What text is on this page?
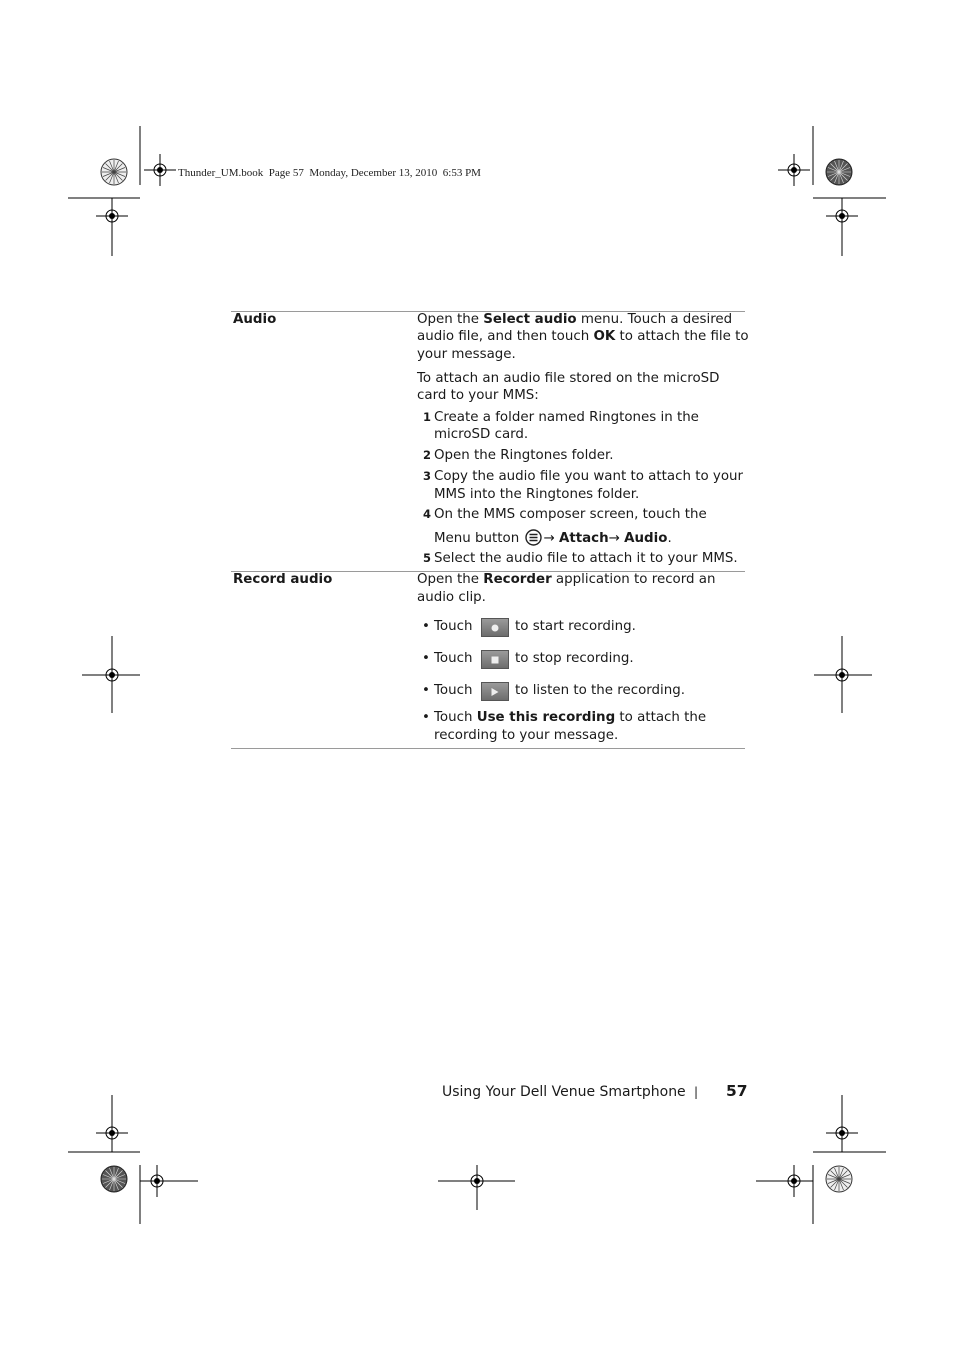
Thunder_UM.book  Page 57  Monday, December 13, 2010  6:53 PM
Audio	Open the Select audio menu. Touch a desired
audio file, and then touch OK to attach the file to
your message.
To attach an audio file stored on the microSD
card to your MMS:
1 Create a folder named Ringtones in the
microSD card.
2 Open the Ringtones folder.
3 Copy the audio file you want to attach to your
MMS into the Ringtones folder.
4 On the MMS composer screen, touch the
Menu button → Attach→ Audio.
5 Select the audio file to attach it to your MMS.
Record audio	Open the Recorder application to record an
audio clip.
• Touch	to start recording.
• Touch	to stop recording.
• Touch	to listen to the recording.
• Touch Use this recording to attach the
recording to your message.
Using Your Dell Venue Smartphone | 57
